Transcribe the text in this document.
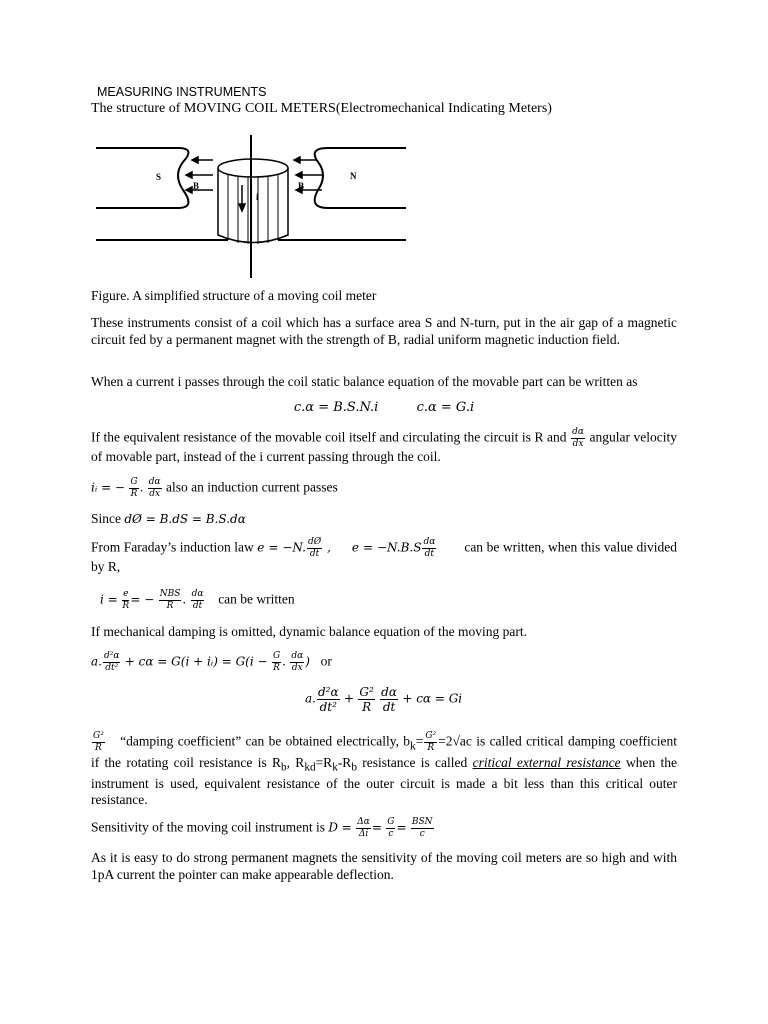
MEASURING INSTRUMENTS
The structure of MOVING COIL METERS(Electromechanical Indicating Meters)
S	N
B	B
i
Figure. A simplified structure of a moving coil meter
These instruments consist of a coil which has a surface area S and N-turn, put in the air gap of a magnetic circuit fed by a permanent magnet with the strength of B, radial uniform magnetic induction field.
When a current i passes through the coil static balance equation of the movable part can be written as
c.α = B.S.N.i	c.α = G.i
If the equivalent resistance of the movable coil itself and circulating the circuit is R and $\frac{d\alpha}{dx}$ angular velocity of movable part, instead of the i current passing through the coil.
iᵢ = − $\frac{G}{R}$ . $\frac{d\alpha}{dx}$ also an induction current passes
Since dØ = B.dS = B.S.dα
From Faraday’s induction law e = −N. $\frac{dØ}{dt}$ , $e = -N.B.S \frac{d\alpha}{dt}$ can be written, when this value divided by R,
$i = \frac{e}{R}$ = − $\frac{\text{NBS}}{R}$ . $\frac{d\alpha}{dt}$ can be written
If mechanical damping is omitted, dynamic balance equation of the moving part.
a. $\frac{\text{d²α}}{\text{dt²}} + c\alpha = G(i$ + iᵢ) = $G(i - \frac{G}{R}$ . $\frac{d\alpha}{dx}$ ) or
a. $\frac{\text{d²α}}{\text{dt²}} + \frac{\text{G²}}{R}$
$\frac{d\alpha}{dt} + c\alpha = Gi$
$\frac{\text{G²}}{R}$ “damping coefficient” can be obtained electrically, $b_k= \frac{\text{G²}}{R} =2√ac$ is called critical damping coefficient if the rotating coil resistance is $R_b$, $R_{kd}=R_k-R_b$ resistance is called critical external resistance when the instrument is used, equivalent resistance of the outer circuit is made a bit less than this critical outer resistance.
Sensitivity of the moving coil instrument is $D = \frac{\Delta\alpha}{\Delta i} = \frac{G}{c} = \frac{\text{BSN}}{c}$
As it is easy to do strong permanent magnets the sensitivity of the moving coil meters are so high and with 1pA current the pointer can make appearable deflection.
